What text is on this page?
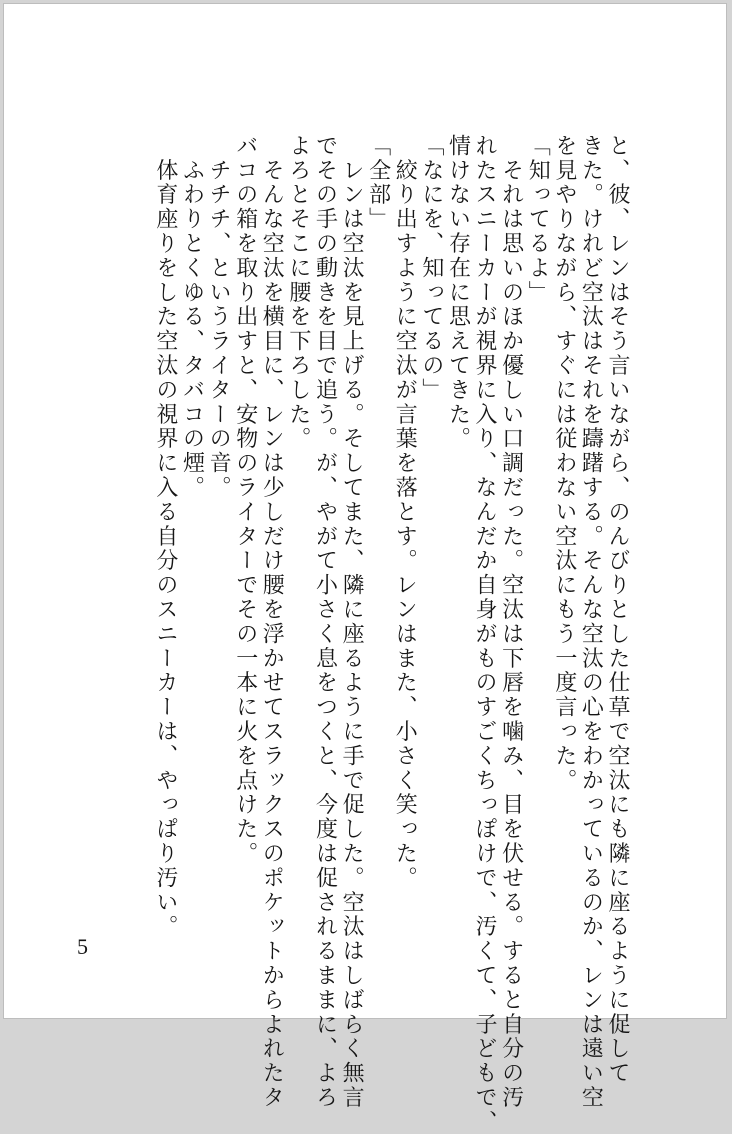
と、彼、レンはそう言いながら、のんびりとした仕草で空汰にも隣に座るように促して
きた。けれど空汰はそれを躊躇する。そんな空汰の心をわかっているのか、レンは遠い空
を見やりながら、すぐには従わない空汰にもう一度言った。
「知ってるよ」
　それは思いのほか優しい口調だった。空汰は下唇を噛み、目を伏せる。すると自分の汚
れたスニーカーが視界に入り、なんだか自身がものすごくちっぽけで、汚くて、子どもで、
情けない存在に思えてきた。
「なにを、知ってるの」
　絞り出すように空汰が言葉を落とす。レンはまた、小さく笑った。
「全部」
　レンは空汰を見上げる。そしてまた、隣に座るように手で促した。空汰はしばらく無言
でその手の動きを目で追う。が、やがて小さく息をつくと、今度は促されるままに、よろ
よろとそこに腰を下ろした。
　そんな空汰を横目に、レンは少しだけ腰を浮かせてスラックスのポケットからよれたタ
バコの箱を取り出すと、安物のライターでその一本に火を点けた。
　チチチ、というライターの音。
　ふわりとくゆる、タバコの煙。
　体育座りをした空汰の視界に入る自分のスニーカーは、やっぱり汚い。
5
